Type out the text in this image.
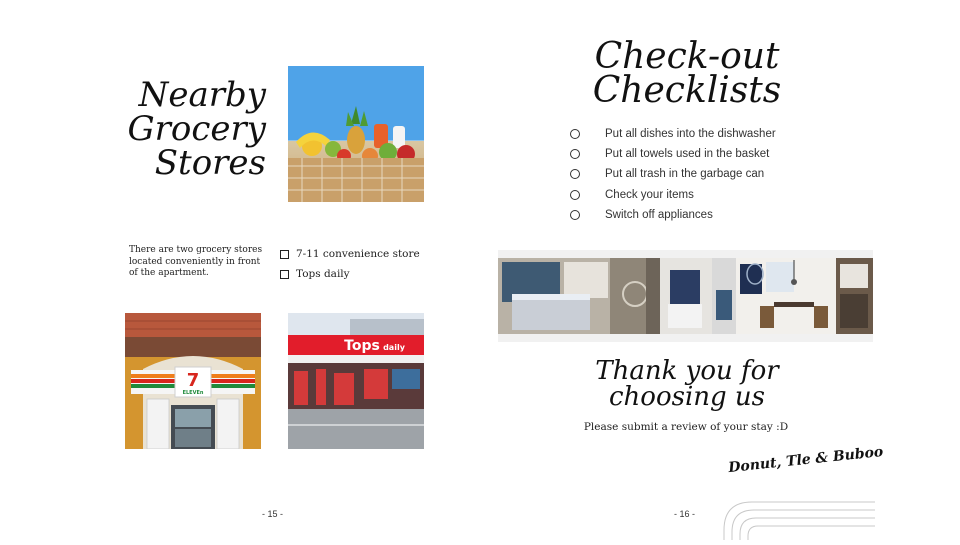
Nearby
Grocery
Stores
There are two grocery stores located conveniently in front of the apartment.
7-11 convenience store
Tops daily
7
ELEVEn
Tops daily
- 15 -
Check-out
Checklists
Put all dishes into the dishwasher
Put all towels used in the basket
Put all trash in the garbage can
Check your items
Switch off appliances
Thank you for
choosing us
Please submit a review of your stay :D
Donut, Tle & Buboo
- 16 -
